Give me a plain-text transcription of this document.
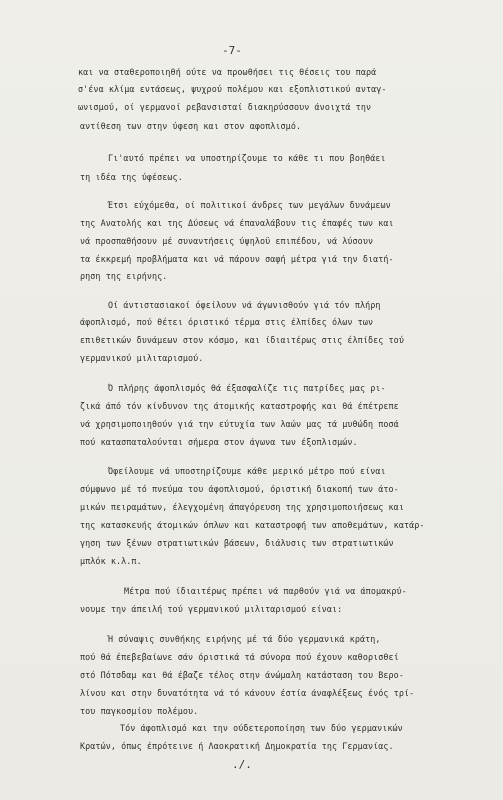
-7-
και να σταθεροποιηθή ούτε να προωθήσει τις θέσεις του παρά
σ'ένα κλίμα εντάσεως, ψυχρού πολέμου και εξοπλιστικού ανταγ-
ωνισμού, οί γερμανοί ρεβανσισταί διακηρύσσουν άνοιχτά την
αντίθεση των στην ύφεση και στον αφοπλισμό.
Γι'αυτό πρέπει να υποστηρίζουμε το κάθε τι που βοηθάει
τη ιδέα της ύφέσεως.
Έτσι εύχόμεθα, οί πολιτικοί άνδρες των μεγάλων δυνάμεων
της Ανατολής και της Δύσεως νά έπαναλάβουν τις έπαφές των και
νά προσπαθήσουν μέ συναντήσεις ύψηλοϋ επιπέδου, νά λύσουν
τα έκκρεμή προβλήματα και νά πάρουν σαφή μέτρα γιά την διατή-
ρηση της ειρήνης.
Οί άντιστασιακοί όφείλουν νά άγωνισθούν γιά τόν πλήρη
άφοπλισμό, πού θέτει όριστικό τέρμα στις έλπίδες όλων των
επιθετικών δυνάμεων στον κόσμο, και ίδιαιτέρως στις έλπίδες τού
γερμανικού μιλιταρισμού.
Ό πλήρης άφοπλισμός θά έξασφαλίζε τις πατρίδες μας ρι-
ζικά άπό τόν κίνδυνον της άτομικής καταστροφής και θά έπέτρεπε
νά χρησιμοποιηθούν γιά την εύτυχία των λαών μας τά μυθώδη ποσά
πού κατασπαταλούνται σήμερα στον άγωνα των έξοπλισμών.
Όφείλουμε νά υποστηρίζουμε κάθε μερικό μέτρο πού είναι
σύμφωνο μέ τό πνεύμα του άφοπλισμού, όριστική διακοπή των άτο-
μικών πειραμάτων, έλεγχομένη άπαγόρευση της χρησιμοποιήσεως και
της κατασκευής άτομικών όπλων και καταστροφή των αποθεμάτων, κατάρ-
γηση των ξένων στρατιωτικών βάσεων, διάλυσις των στρατιωτικών
μπλόκ κ.λ.π.
Μέτρα πού ίδιαιτέρως πρέπει νά παρθούν γιά να άπομακρύ-
νουμε την άπειλή τού γερμανικού μιλιταρισμού είναι:
Ή σύναψις συνθήκης ειρήνης μέ τά δύο γερμανικά κράτη,
πού θά έπεβεβαίωνε σάν όριστικά τά σύνορα πού έχουν καθορισθεί
στό Πότσδαμ και θά έβαζε τέλος στην άνώμαλη κατάσταση του Βερο-
λίνου και στην δυνατότητα νά τό κάνουν έστία άναφλέξεως ένός τρί-
του παγκοσμίου πολέμου.
Τόν άφοπλισμό και την ούδετεροποίηση των δύο γερμανικών
Κρατών, όπως έπρότεινε ή Λαοκρατική Δημοκρατία της Γερμανίας.
./.
